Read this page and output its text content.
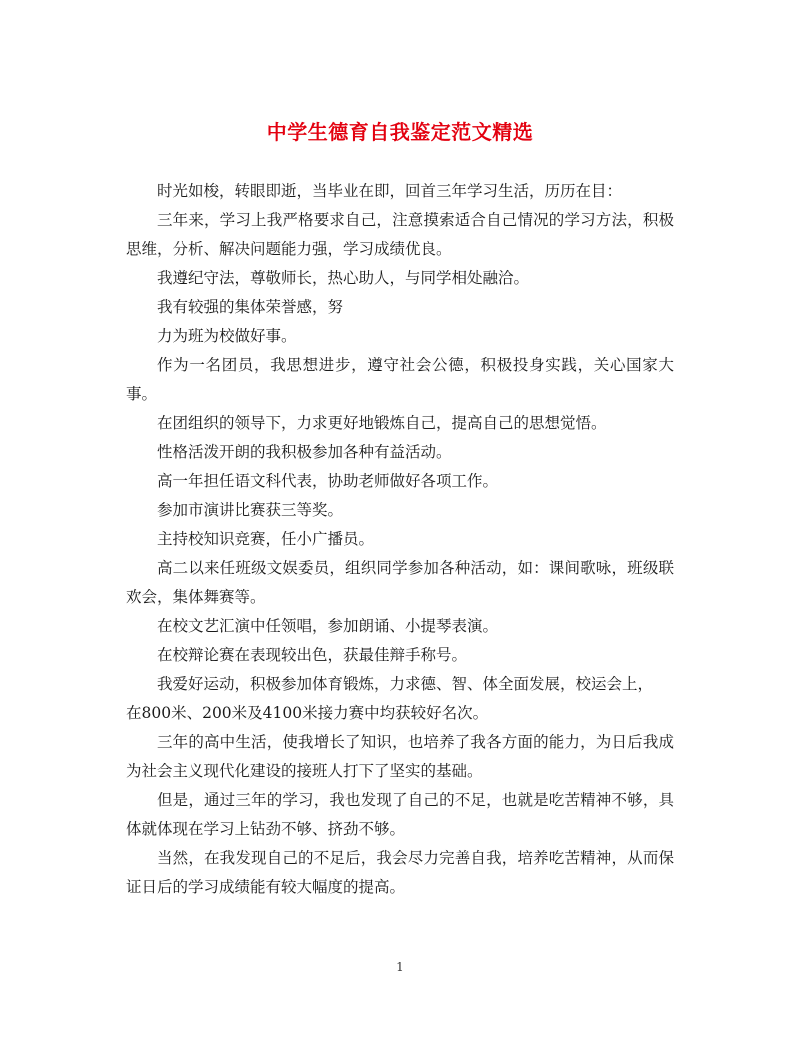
中学生德育自我鉴定范文精选

时光如梭，转眼即逝，当毕业在即，回首三年学习生活，历历在目：

三年来，学习上我严格要求自己，注意摸索适合自己情况的学习方法，积极思维，分析、解决问题能力强，学习成绩优良。

我遵纪守法，尊敬师长，热心助人，与同学相处融洽。

我有较强的集体荣誉感，努

力为班为校做好事。

作为一名团员，我思想进步，遵守社会公德，积极投身实践，关心国家大事。

在团组织的领导下，力求更好地锻炼自己，提高自己的思想觉悟。

性格活泼开朗的我积极参加各种有益活动。

高一年担任语文科代表，协助老师做好各项工作。

参加市演讲比赛获三等奖。

主持校知识竞赛，任小广播员。

高二以来任班级文娱委员，组织同学参加各种活动，如：课间歌咏，班级联欢会，集体舞赛等。

在校文艺汇演中任领唱，参加朗诵、小提琴表演。

在校辩论赛在表现较出色，获最佳辩手称号。

我爱好运动，积极参加体育锻炼，力求德、智、体全面发展，校运会上，

在800米、200米及4100米接力赛中均获较好名次。

三年的高中生活，使我增长了知识，也培养了我各方面的能力，为日后我成为社会主义现代化建设的接班人打下了坚实的基础。

但是，通过三年的学习，我也发现了自己的不足，也就是吃苦精神不够，具体就体现在学习上钻劲不够、挤劲不够。

当然，在我发现自己的不足后，我会尽力完善自我，培养吃苦精神，从而保证日后的学习成绩能有较大幅度的提高。

1
